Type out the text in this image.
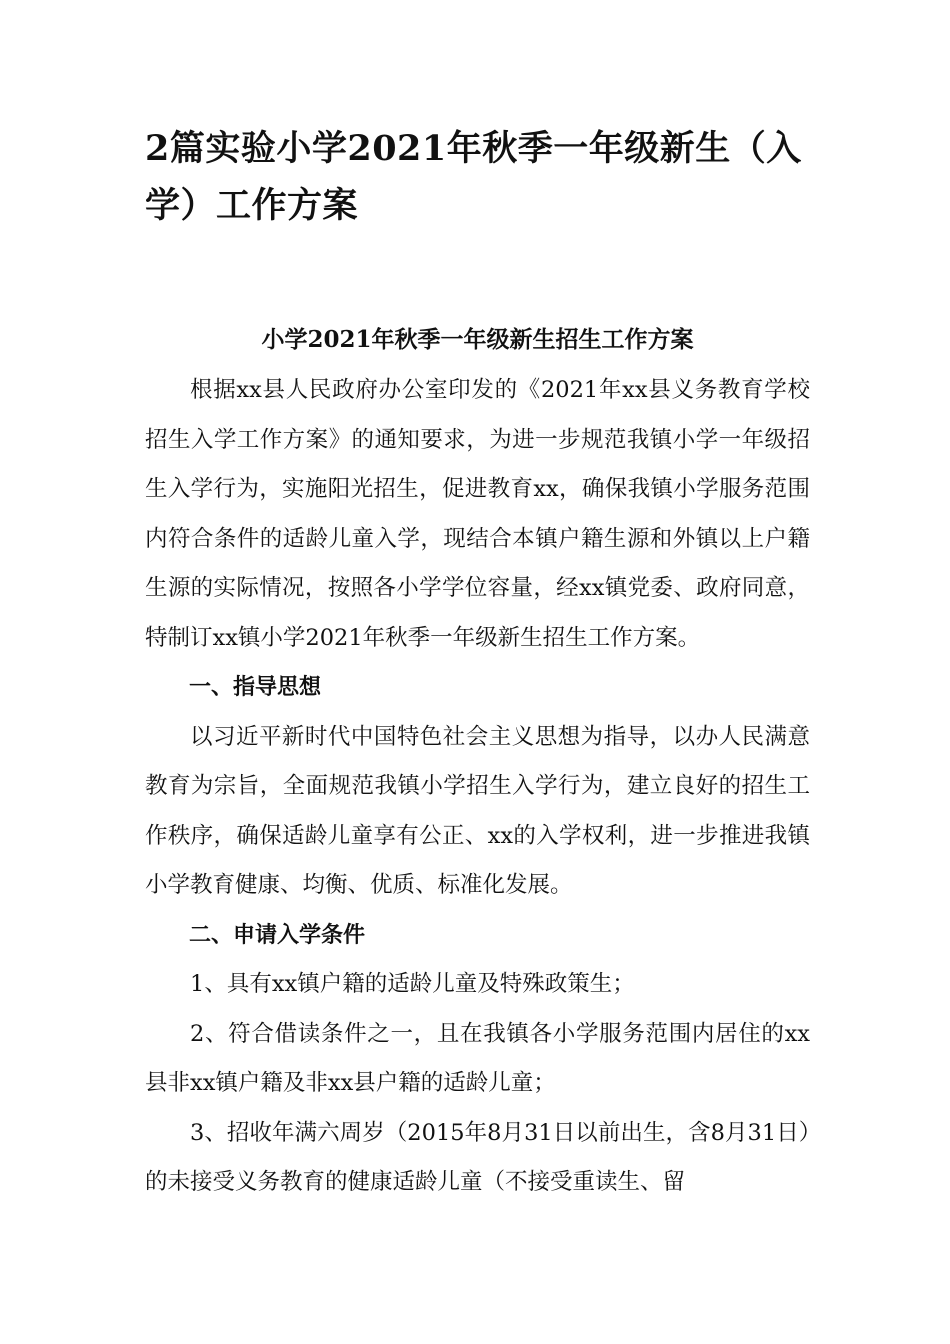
2篇实验小学2021年秋季一年级新生（入学）工作方案
小学2021年秋季一年级新生招生工作方案

根据xx县人民政府办公室印发的《2021年xx县义务教育学校招生入学工作方案》的通知要求，为进一步规范我镇小学一年级招生入学行为，实施阳光招生，促进教育xx，确保我镇小学服务范围内符合条件的适龄儿童入学，现结合本镇户籍生源和外镇以上户籍生源的实际情况，按照各小学学位容量，经xx镇党委、政府同意，特制订xx镇小学2021年秋季一年级新生招生工作方案。

一、指导思想

以习近平新时代中国特色社会主义思想为指导，以办人民满意教育为宗旨，全面规范我镇小学招生入学行为，建立良好的招生工作秩序，确保适龄儿童享有公正、xx的入学权利，进一步推进我镇小学教育健康、均衡、优质、标准化发展。

二、申请入学条件

1、具有xx镇户籍的适龄儿童及特殊政策生；

2、符合借读条件之一，且在我镇各小学服务范围内居住的xx县非xx镇户籍及非xx县户籍的适龄儿童；

3、招收年满六周岁（2015年8月31日以前出生，含8月31日）的未接受义务教育的健康适龄儿童（不接受重读生、留
